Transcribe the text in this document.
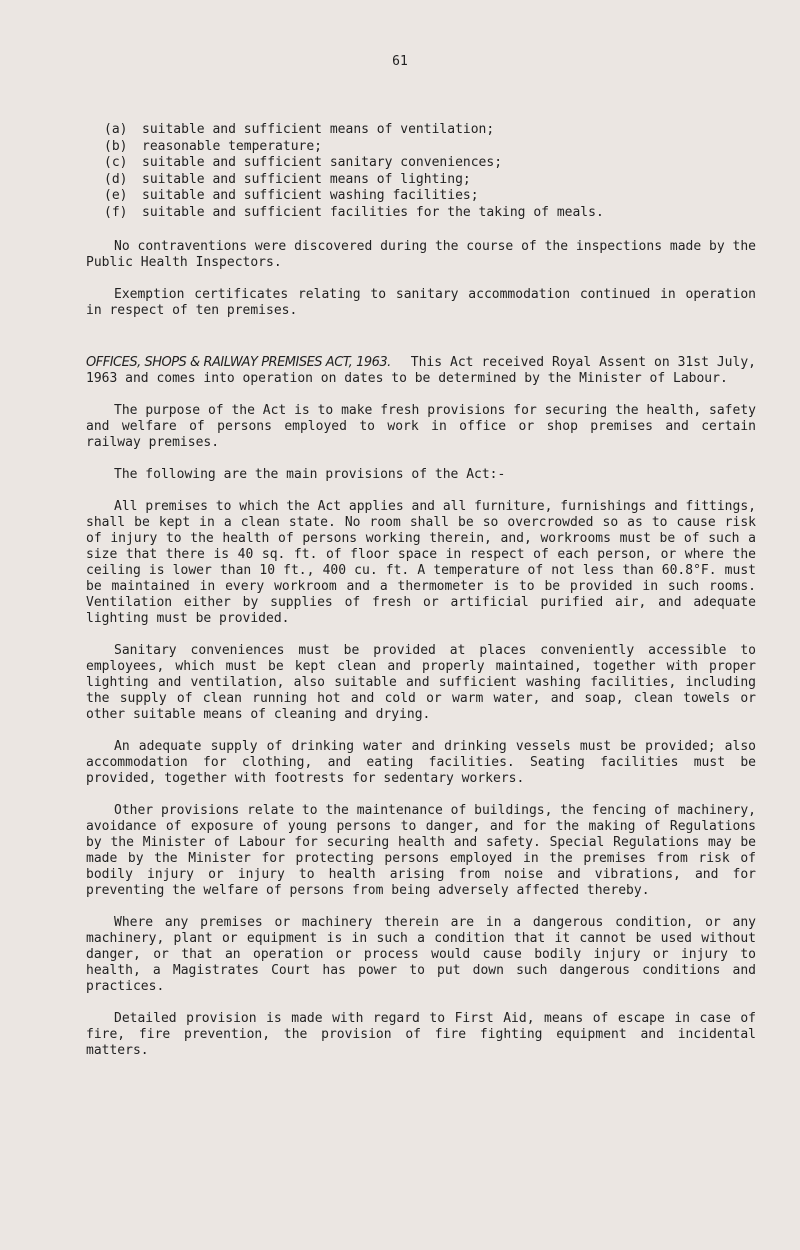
61
(a)	suitable and sufficient means of ventilation;
(b)	reasonable temperature;
(c)	suitable and sufficient sanitary conveniences;
(d)	suitable and sufficient means of lighting;
(e)	suitable and sufficient washing facilities;
(f)	suitable and sufficient facilities for the taking of meals.

No contraventions were discovered during the course of the inspections made by the Public Health Inspectors.

Exemption certificates relating to sanitary accommodation continued in operation in respect of ten premises.

OFFICES, SHOPS & RAILWAY PREMISES ACT, 1963. This Act received Royal Assent on 31st July, 1963 and comes into operation on dates to be determined by the Minister of Labour.

The purpose of the Act is to make fresh provisions for securing the health, safety and welfare of persons employed to work in office or shop premises and certain railway premises.

The following are the main provisions of the Act:-

All premises to which the Act applies and all furniture, furnishings and fittings, shall be kept in a clean state. No room shall be so overcrowded so as to cause risk of injury to the health of persons working therein, and, workrooms must be of such a size that there is 40 sq. ft. of floor space in respect of each person, or where the ceiling is lower than 10 ft., 400 cu. ft. A temperature of not less than 60.8°F. must be maintained in every workroom and a thermometer is to be provided in such rooms. Ventilation either by supplies of fresh or artificial purified air, and adequate lighting must be provided.

Sanitary conveniences must be provided at places conveniently accessible to employees, which must be kept clean and properly maintained, together with proper lighting and ventilation, also suitable and sufficient washing facilities, including the supply of clean running hot and cold or warm water, and soap, clean towels or other suitable means of cleaning and drying.

An adequate supply of drinking water and drinking vessels must be provided; also accommodation for clothing, and eating facilities. Seating facilities must be provided, together with footrests for sedentary workers.

Other provisions relate to the maintenance of buildings, the fencing of machinery, avoidance of exposure of young persons to danger, and for the making of Regulations by the Minister of Labour for securing health and safety. Special Regulations may be made by the Minister for protecting persons employed in the premises from risk of bodily injury or injury to health arising from noise and vibrations, and for preventing the welfare of persons from being adversely affected thereby.

Where any premises or machinery therein are in a dangerous condition, or any machinery, plant or equipment is in such a condition that it cannot be used without danger, or that an operation or process would cause bodily injury or injury to health, a Magistrates Court has power to put down such dangerous conditions and practices.

Detailed provision is made with regard to First Aid, means of escape in case of fire, fire prevention, the provision of fire fighting equipment and incidental matters.
